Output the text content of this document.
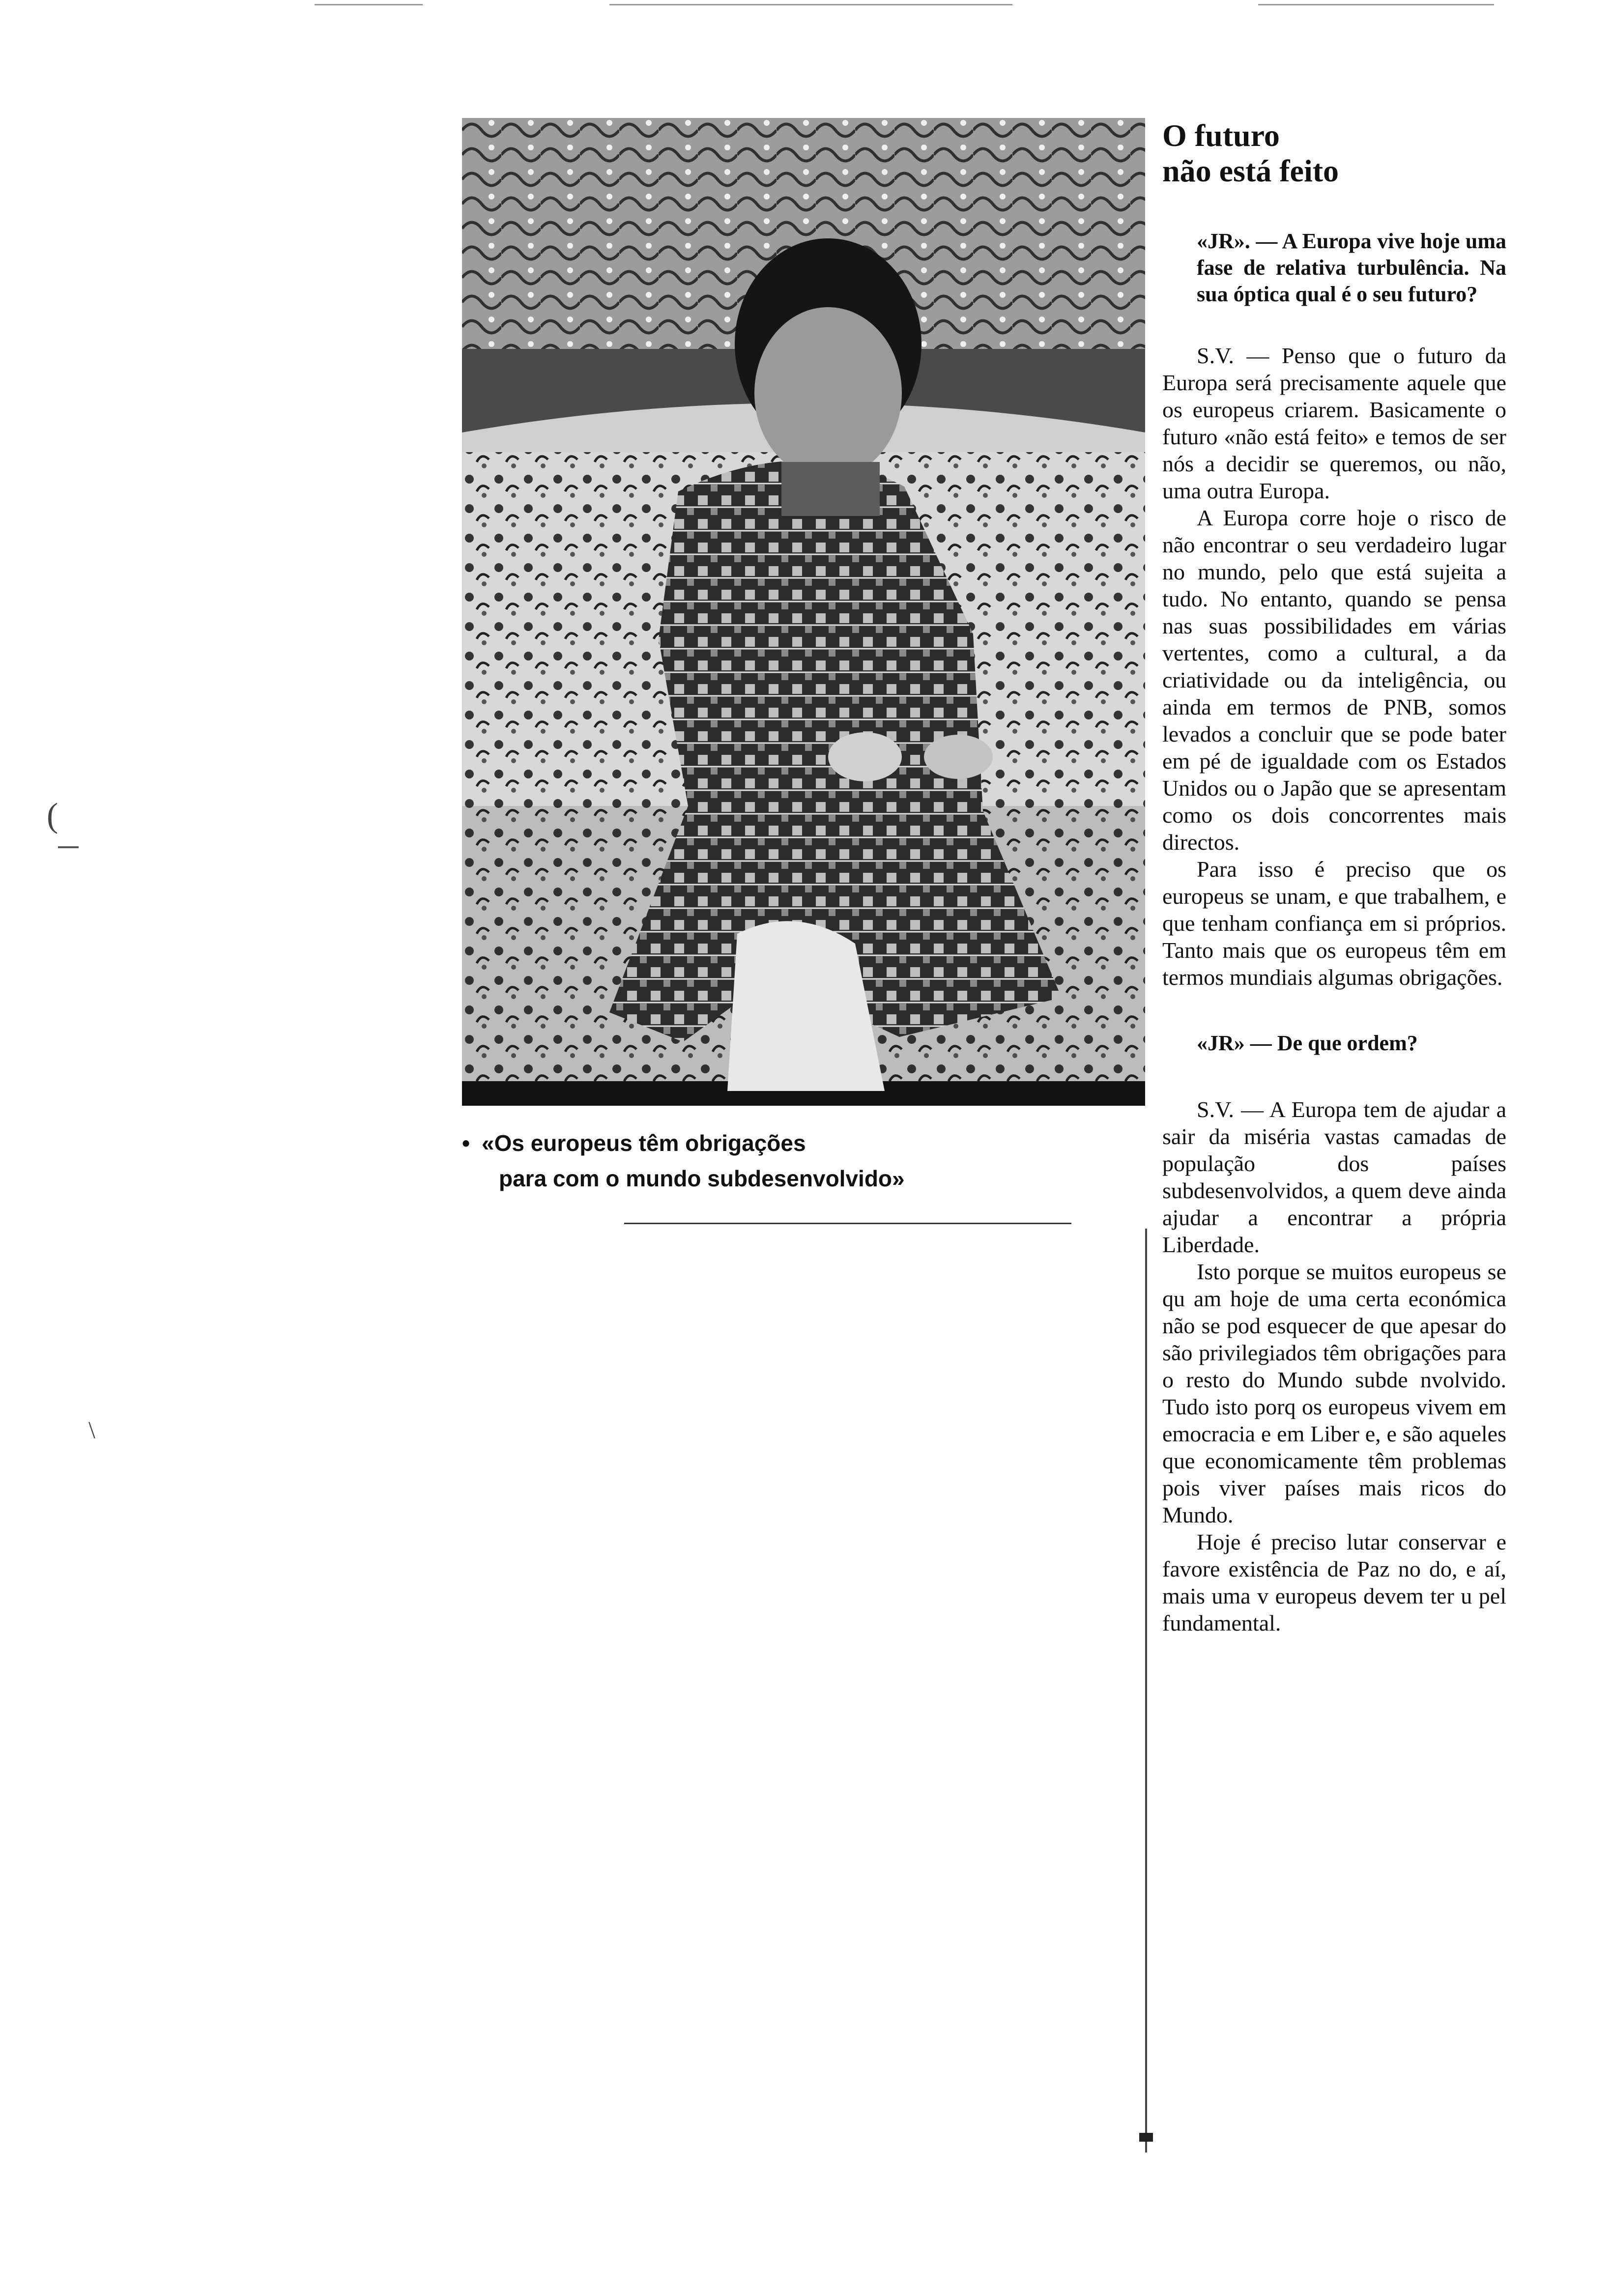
(
\
• «Os europeus têm obrigações
para com o mundo subdesenvolvido»
O futuro
não está feito

«JR». — A Europa vive hoje uma fase de relativa turbulência. Na sua óptica qual é o seu futuro?

S.V. — Penso que o futuro da Europa será precisamente aquele que os europeus criarem. Basicamente o futuro «não está feito» e temos de ser nós a decidir se queremos, ou não, uma outra Europa.

A Europa corre hoje o risco de não encontrar o seu verdadeiro lugar no mundo, pelo que está sujeita a tudo. No entanto, quando se pensa nas suas possibilidades em várias vertentes, como a cultural, a da criatividade ou da inteligência, ou ainda em termos de PNB, somos levados a concluir que se pode bater em pé de igualdade com os Estados Unidos ou o Japão que se apresentam como os dois concorrentes mais directos.

Para isso é preciso que os europeus se unam, e que trabalhem, e que tenham confiança em si próprios. Tanto mais que os europeus têm em termos mundiais algumas obrigações.

«JR» — De que ordem?

S.V. — A Europa tem de ajudar a sair da miséria vastas camadas de população dos países subdesenvolvidos, a quem deve ainda ajudar a encontrar a própria Liberdade.

Isto porque se muitos europeus se qu am hoje de uma certa económica não se pod esquecer de que apesar do são privilegiados têm obrigações para o resto do Mundo subde nvolvido. Tudo isto porq os europeus vivem em emocracia e em Liber e, e são aqueles que economicamente têm problemas pois viver países mais ricos do Mundo.

Hoje é preciso lutar conservar e favore existência de Paz no do, e aí, mais uma v europeus devem ter u pel fundamental.
